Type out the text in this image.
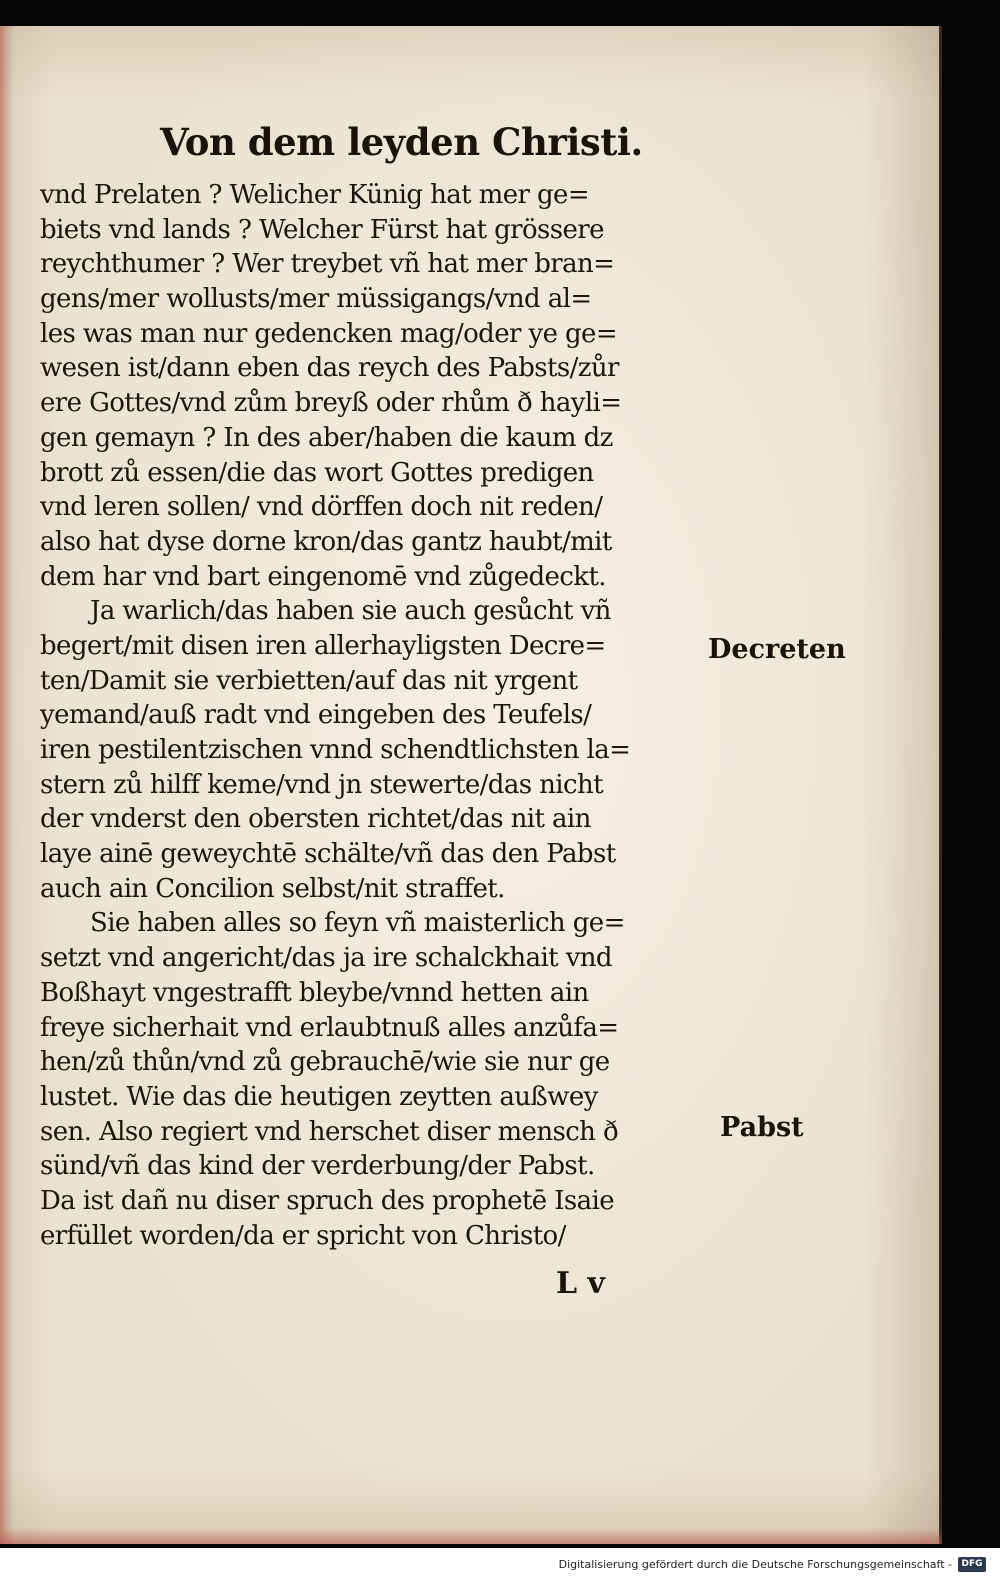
Von dem leyden Christi.
vnd Prelaten ? Welicher Künig hat mer ge=
biets vnd lands ? Welcher Fürst hat grössere
reychthumer ? Wer treybet vñ hat mer bran=
gens/mer wollusts/mer müssigangs/vnd al=
les was man nur gedencken mag/oder ye ge=
wesen ist/dann eben das reych des Pabsts/zůr
ere Gottes/vnd zům breyß oder rhům ð hayli=
gen gemayn ? In des aber/haben die kaum dz
brott zů essen/die das wort Gottes predigen
vnd leren sollen/ vnd dörffen doch nit reden/
also hat dyse dorne kron/das gantz haubt/mit
dem har vnd bart eingenomē vnd zůgedeckt.
Ja warlich/das haben sie auch gesůcht vñ
begert/mit disen iren allerhayligsten Decre=
ten/Damit sie verbietten/auf das nit yrgent
yemand/auß radt vnd eingeben des Teufels/
iren pestilentzischen vnnd schendtlichsten la=
stern zů hilff keme/vnd jn stewerte/das nicht
der vnderst den obersten richtet/das nit ain
laye ainē geweychtē schälte/vñ das den Pabst
auch ain Concilion selbst/nit straffet.
Sie haben alles so feyn vñ maisterlich ge=
setzt vnd angericht/das ja ire schalckhait vnd
Boßhayt vngestrafft bleybe/vnnd hetten ain
freye sicherhait vnd erlaubtnuß alles anzůfa=
hen/zů thůn/vnd zů gebrauchē/wie sie nur ge
lustet. Wie das die heutigen zeytten außwey
sen. Also regiert vnd herschet diser mensch ð
sünd/vñ das kind der verderbung/der Pabst.
Da ist dañ nu diser spruch des prophetē Isaie
erfüllet worden/da er spricht von Christo/
Decreten
Pabst
L v
Digitalisierung gefördert durch die Deutsche Forschungsgemeinschaft -	DFG
